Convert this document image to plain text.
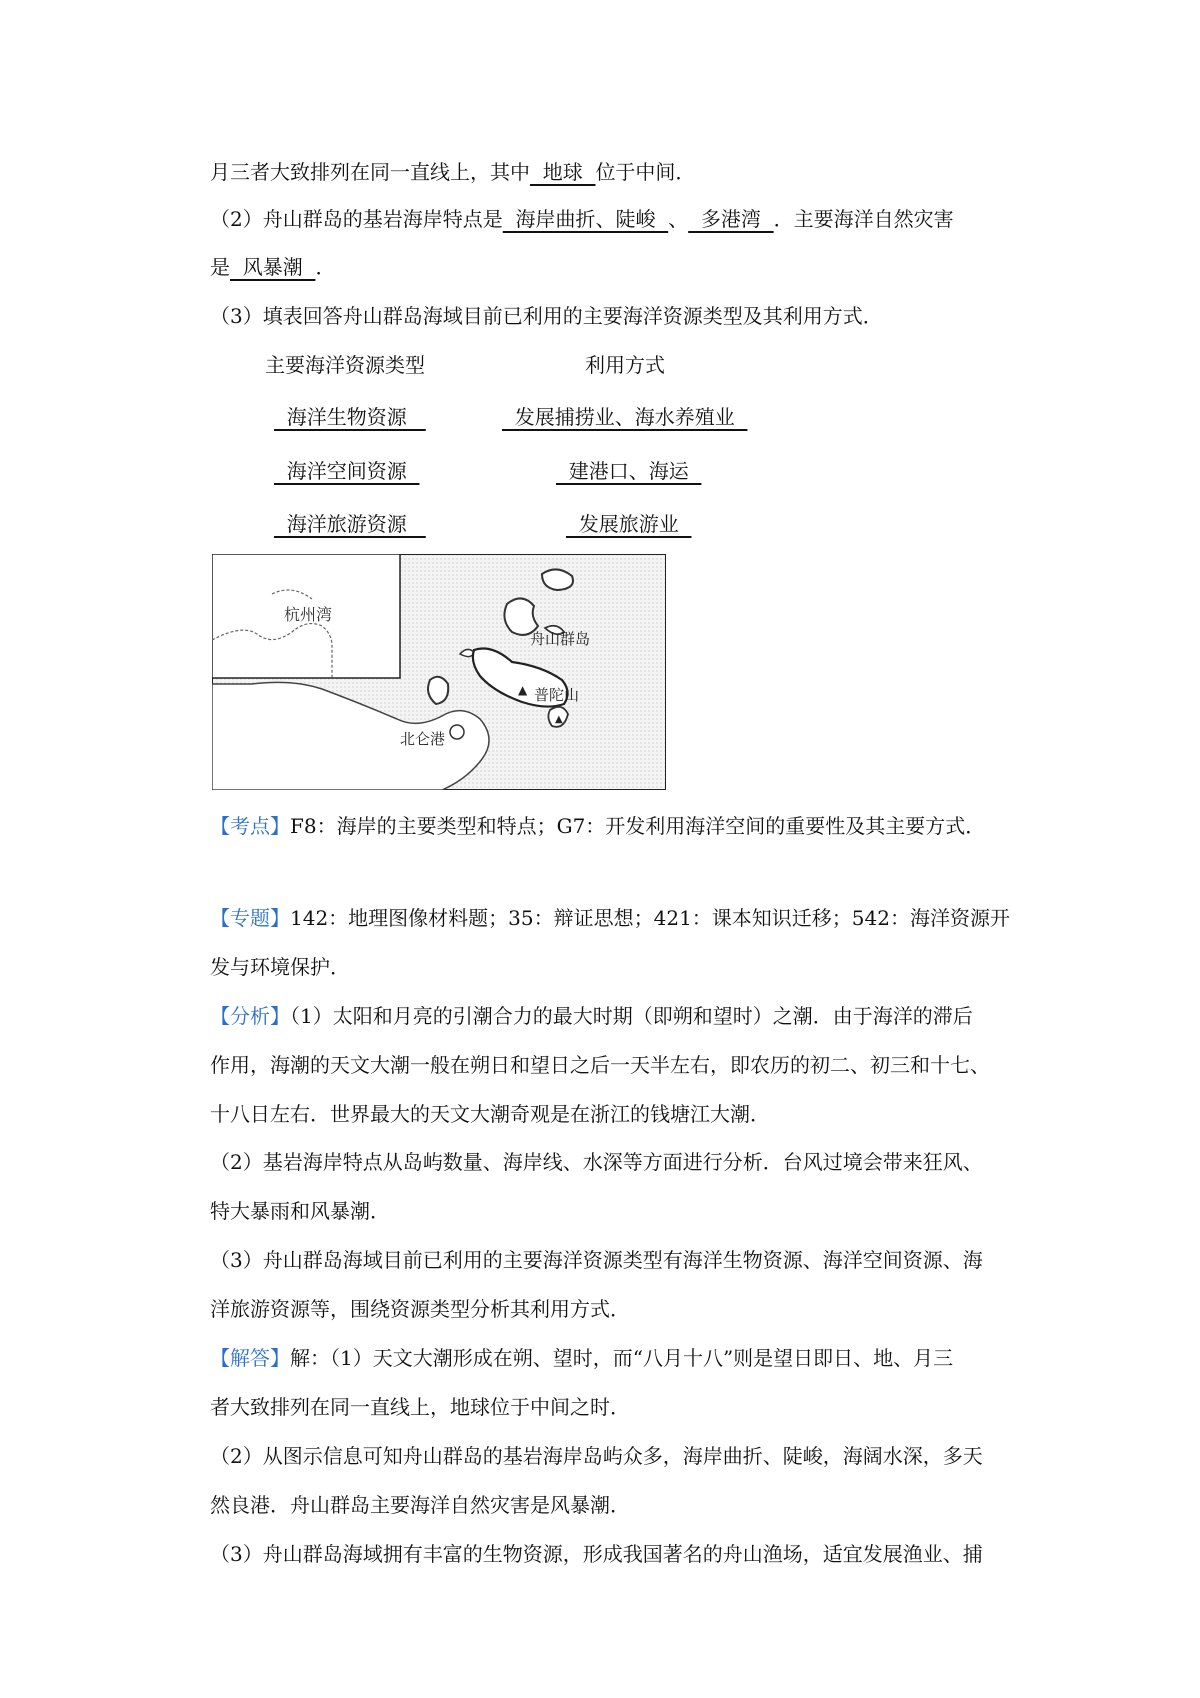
月三者大致排列在同一直线上，其中  地球  位于中间．
（2）舟山群岛的基岩海岸特点是  海岸曲折、陡峻  、  多港湾  ．主要海洋自然灾害
是  风暴潮  ．
（3）填表回答舟山群岛海域目前已利用的主要海洋资源类型及其利用方式．
主要海洋资源类型	利用方式
海洋生物资源	发展捕捞业、海水养殖业
海洋空间资源	建港口、海运
海洋旅游资源	发展旅游业
杭州湾
舟山群岛
普陀山
北仑港
▲
▲
【考点】F8：海岸的主要类型和特点；G7：开发利用海洋空间的重要性及其主要方式．
【专题】142：地理图像材料题；35：辩证思想；421：课本知识迁移；542：海洋资源开
发与环境保护．
【分析】（1）太阳和月亮的引潮合力的最大时期（即朔和望时）之潮．由于海洋的滞后
作用，海潮的天文大潮一般在朔日和望日之后一天半左右，即农历的初二、初三和十七、
十八日左右．世界最大的天文大潮奇观是在浙江的钱塘江大潮．
（2）基岩海岸特点从岛屿数量、海岸线、水深等方面进行分析．台风过境会带来狂风、
特大暴雨和风暴潮．
（3）舟山群岛海域目前已利用的主要海洋资源类型有海洋生物资源、海洋空间资源、海
洋旅游资源等，围绕资源类型分析其利用方式．
【解答】解：（1）天文大潮形成在朔、望时，而“八月十八”则是望日即日、地、月三
者大致排列在同一直线上，地球位于中间之时．
（2）从图示信息可知舟山群岛的基岩海岸岛屿众多，海岸曲折、陡峻，海阔水深，多天
然良港．舟山群岛主要海洋自然灾害是风暴潮．
（3）舟山群岛海域拥有丰富的生物资源，形成我国著名的舟山渔场，适宜发展渔业、捕
